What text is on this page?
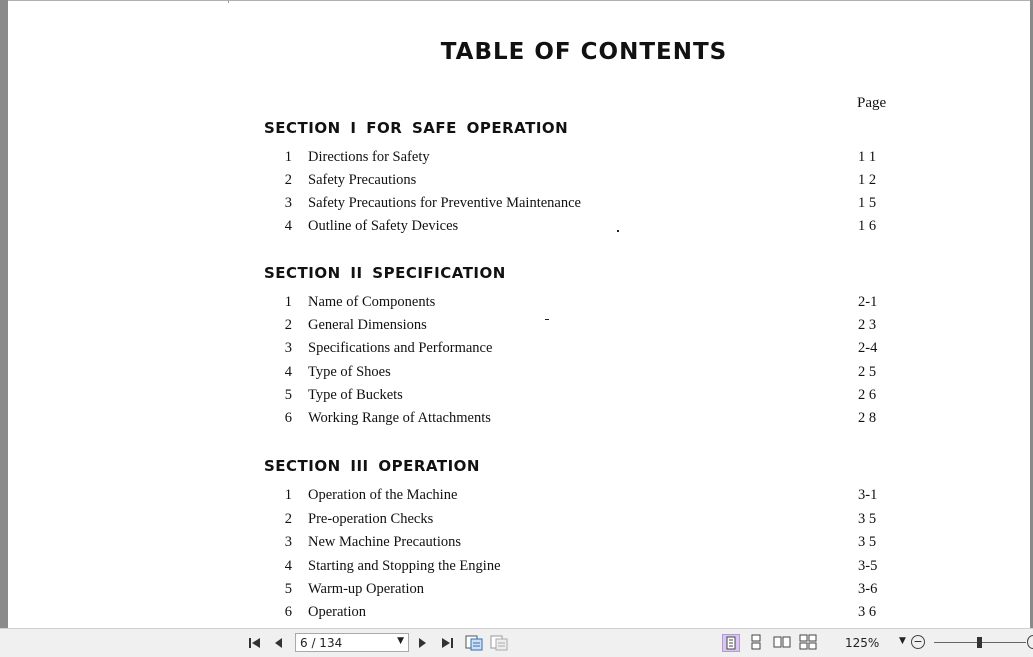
TABLE OF CONTENTS
Page
SECTION I FOR SAFE OPERATION
1 Directions for Safety	1 1
2 Safety Precautions	1 2
3 Safety Precautions for Preventive Maintenance	1 5
4 Outline of Safety Devices	1 6
SECTION II SPECIFICATION
1 Name of Components	2-1
2 General Dimensions	2 3
3 Specifications and Performance	2-4
4 Type of Shoes	2 5
5 Type of Buckets	2 6
6 Working Range of Attachments	2 8
SECTION III OPERATION
1 Operation of the Machine	3-1
2 Pre-operation Checks	3 5
3 New Machine Precautions	3 5
4 Starting and Stopping the Engine	3-5
5 Warm-up Operation	3-6
6 Operation	3 6
6 / 134	▼	125% ▼ −
